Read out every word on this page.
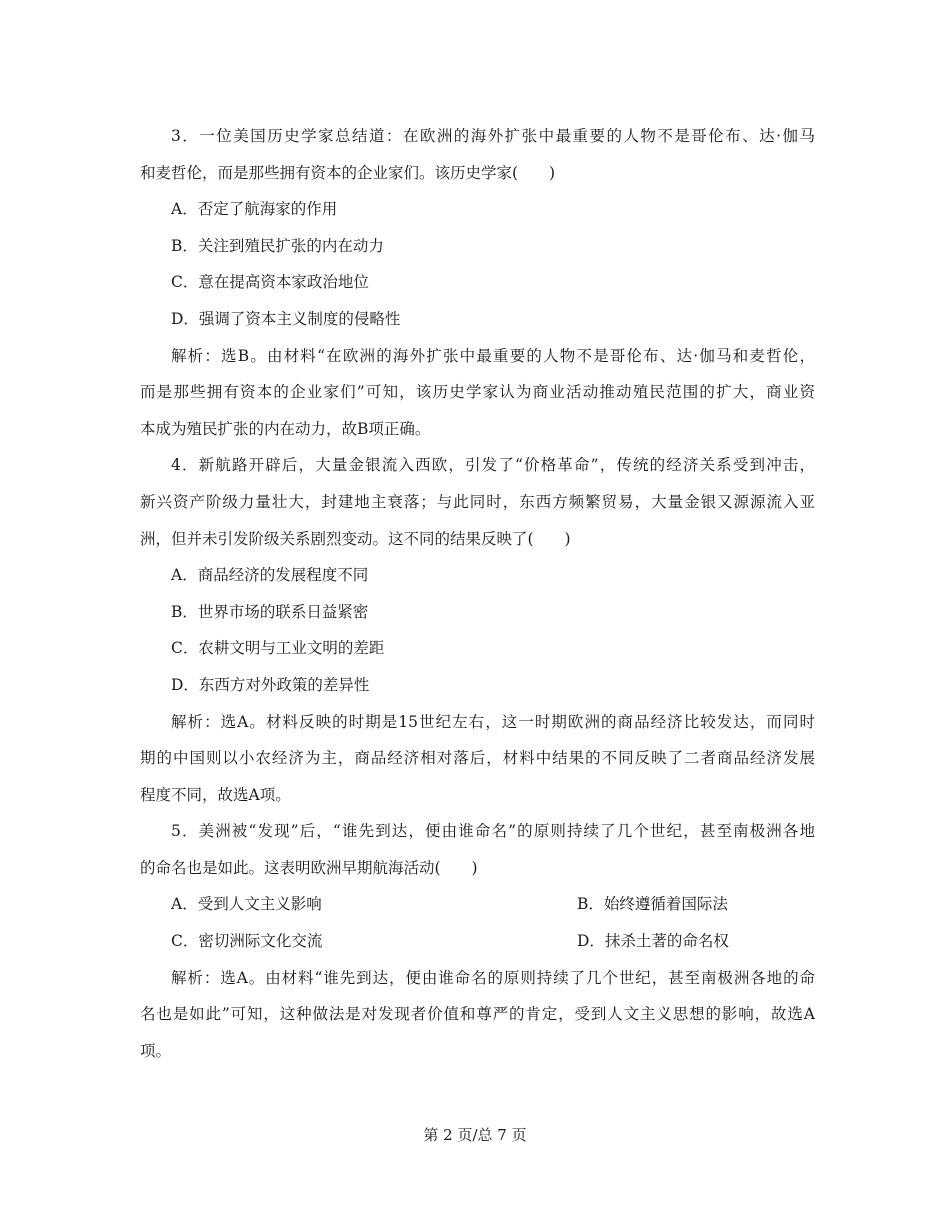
3．一位美国历史学家总结道：在欧洲的海外扩张中最重要的人物不是哥伦布、达·伽马
和麦哲伦，而是那些拥有资本的企业家们。该历史学家(　　)
A．否定了航海家的作用
B．关注到殖民扩张的内在动力
C．意在提高资本家政治地位
D．强调了资本主义制度的侵略性
解析：选B。由材料“在欧洲的海外扩张中最重要的人物不是哥伦布、达·伽马和麦哲伦，
而是那些拥有资本的企业家们”可知，该历史学家认为商业活动推动殖民范围的扩大，商业资
本成为殖民扩张的内在动力，故B项正确。
4．新航路开辟后，大量金银流入西欧，引发了“价格革命”，传统的经济关系受到冲击，
新兴资产阶级力量壮大，封建地主衰落；与此同时，东西方频繁贸易，大量金银又源源流入亚
洲，但并未引发阶级关系剧烈变动。这不同的结果反映了(　　)
A．商品经济的发展程度不同
B．世界市场的联系日益紧密
C．农耕文明与工业文明的差距
D．东西方对外政策的差异性
解析：选A。材料反映的时期是15世纪左右，这一时期欧洲的商品经济比较发达，而同时
期的中国则以小农经济为主，商品经济相对落后，材料中结果的不同反映了二者商品经济发展
程度不同，故选A项。
5．美洲被“发现”后，“谁先到达，便由谁命名”的原则持续了几个世纪，甚至南极洲各地
的命名也是如此。这表明欧洲早期航海活动(　　)
A．受到人文主义影响	B．始终遵循着国际法
C．密切洲际文化交流	D．抹杀土著的命名权
解析：选A。由材料“谁先到达，便由谁命名的原则持续了几个世纪，甚至南极洲各地的命
名也是如此”可知，这种做法是对发现者价值和尊严的肯定，受到人文主义思想的影响，故选A
项。
第 2 页/总 7 页
